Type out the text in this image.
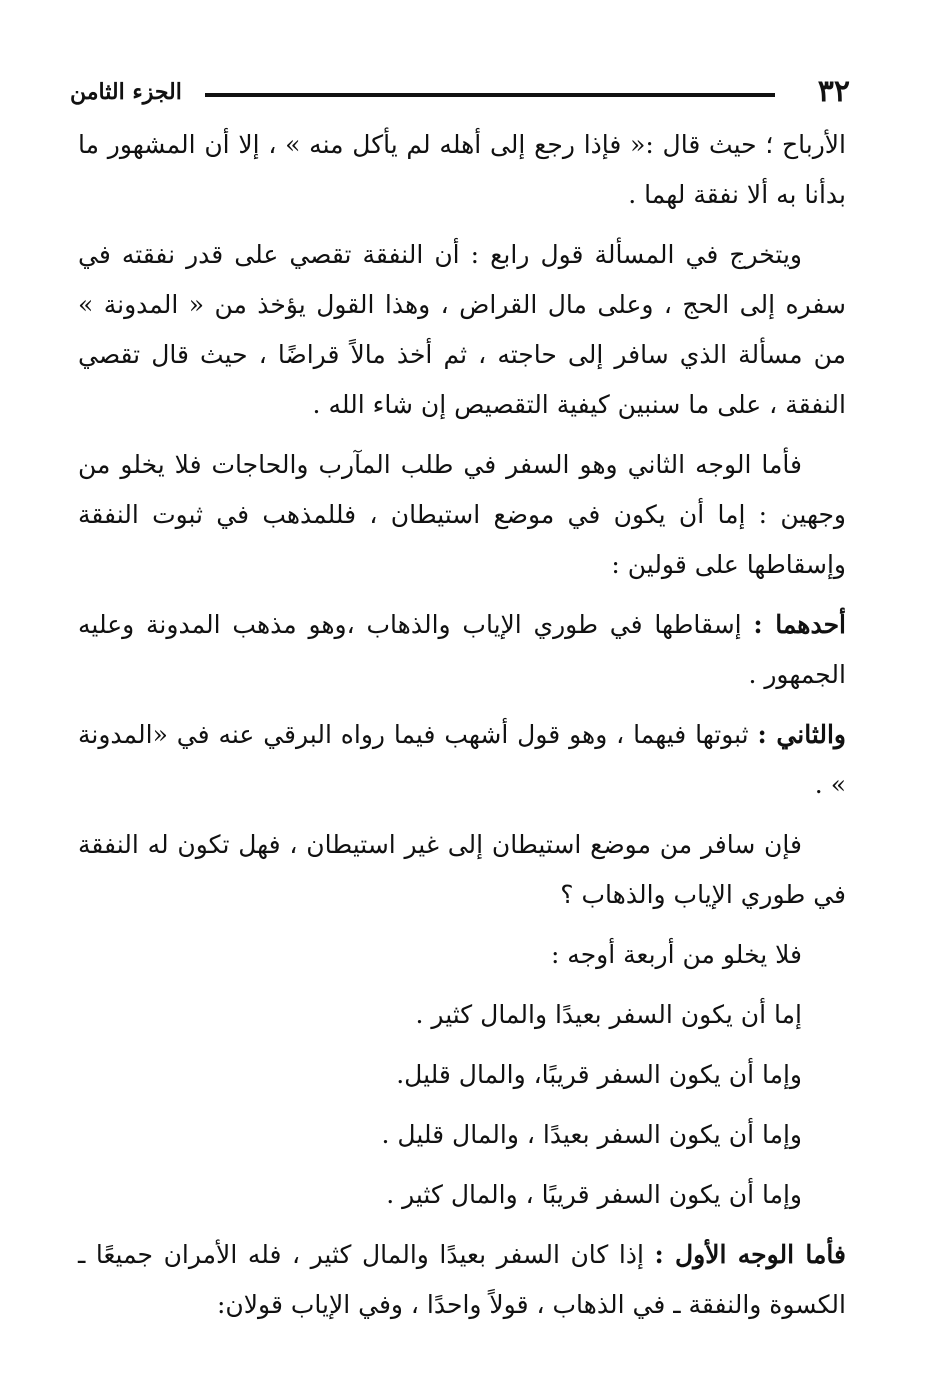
٣٢
الجزء الثامن

الأرباح ؛ حيث قال :« فإذا رجع إلى أهله لم يأكل منه » ، إلا أن المشهور ما بدأنا به ألا نفقة لهما .

ويتخرج في المسألة قول رابع : أن النفقة تقصي على قدر نفقته في سفره إلى الحج ، وعلى مال القراض ، وهذا القول يؤخذ من « المدونة » من مسألة الذي سافر إلى حاجته ، ثم أخذ مالاً قراضًا ، حيث قال تقصي النفقة ، على ما سنبين كيفية التقصيص إن شاء الله .

فأما الوجه الثاني وهو السفر في طلب المآرب والحاجات فلا يخلو من وجهين : إما أن يكون في موضع استيطان ، فللمذهب في ثبوت النفقة وإسقاطها على قولين :

أحدهما : إسقاطها في طوري الإياب والذهاب ،وهو مذهب المدونة وعليه الجمهور .

والثاني : ثبوتها فيهما ، وهو قول أشهب فيما رواه البرقي عنه في «المدونة » .

فإن سافر من موضع استيطان إلى غير استيطان ، فهل تكون له النفقة في طوري الإياب والذهاب ؟

فلا يخلو من أربعة أوجه :

إما أن يكون السفر بعيدًا والمال كثير .

وإما أن يكون السفر قريبًا، والمال قليل.

وإما أن يكون السفر بعيدًا ، والمال قليل .

وإما أن يكون السفر قريبًا ، والمال كثير .

فأما الوجه الأول : إذا كان السفر بعيدًا والمال كثير ، فله الأمران جميعًا ـ الكسوة والنفقة ـ في الذهاب ، قولاً واحدًا ، وفي الإياب قولان:
